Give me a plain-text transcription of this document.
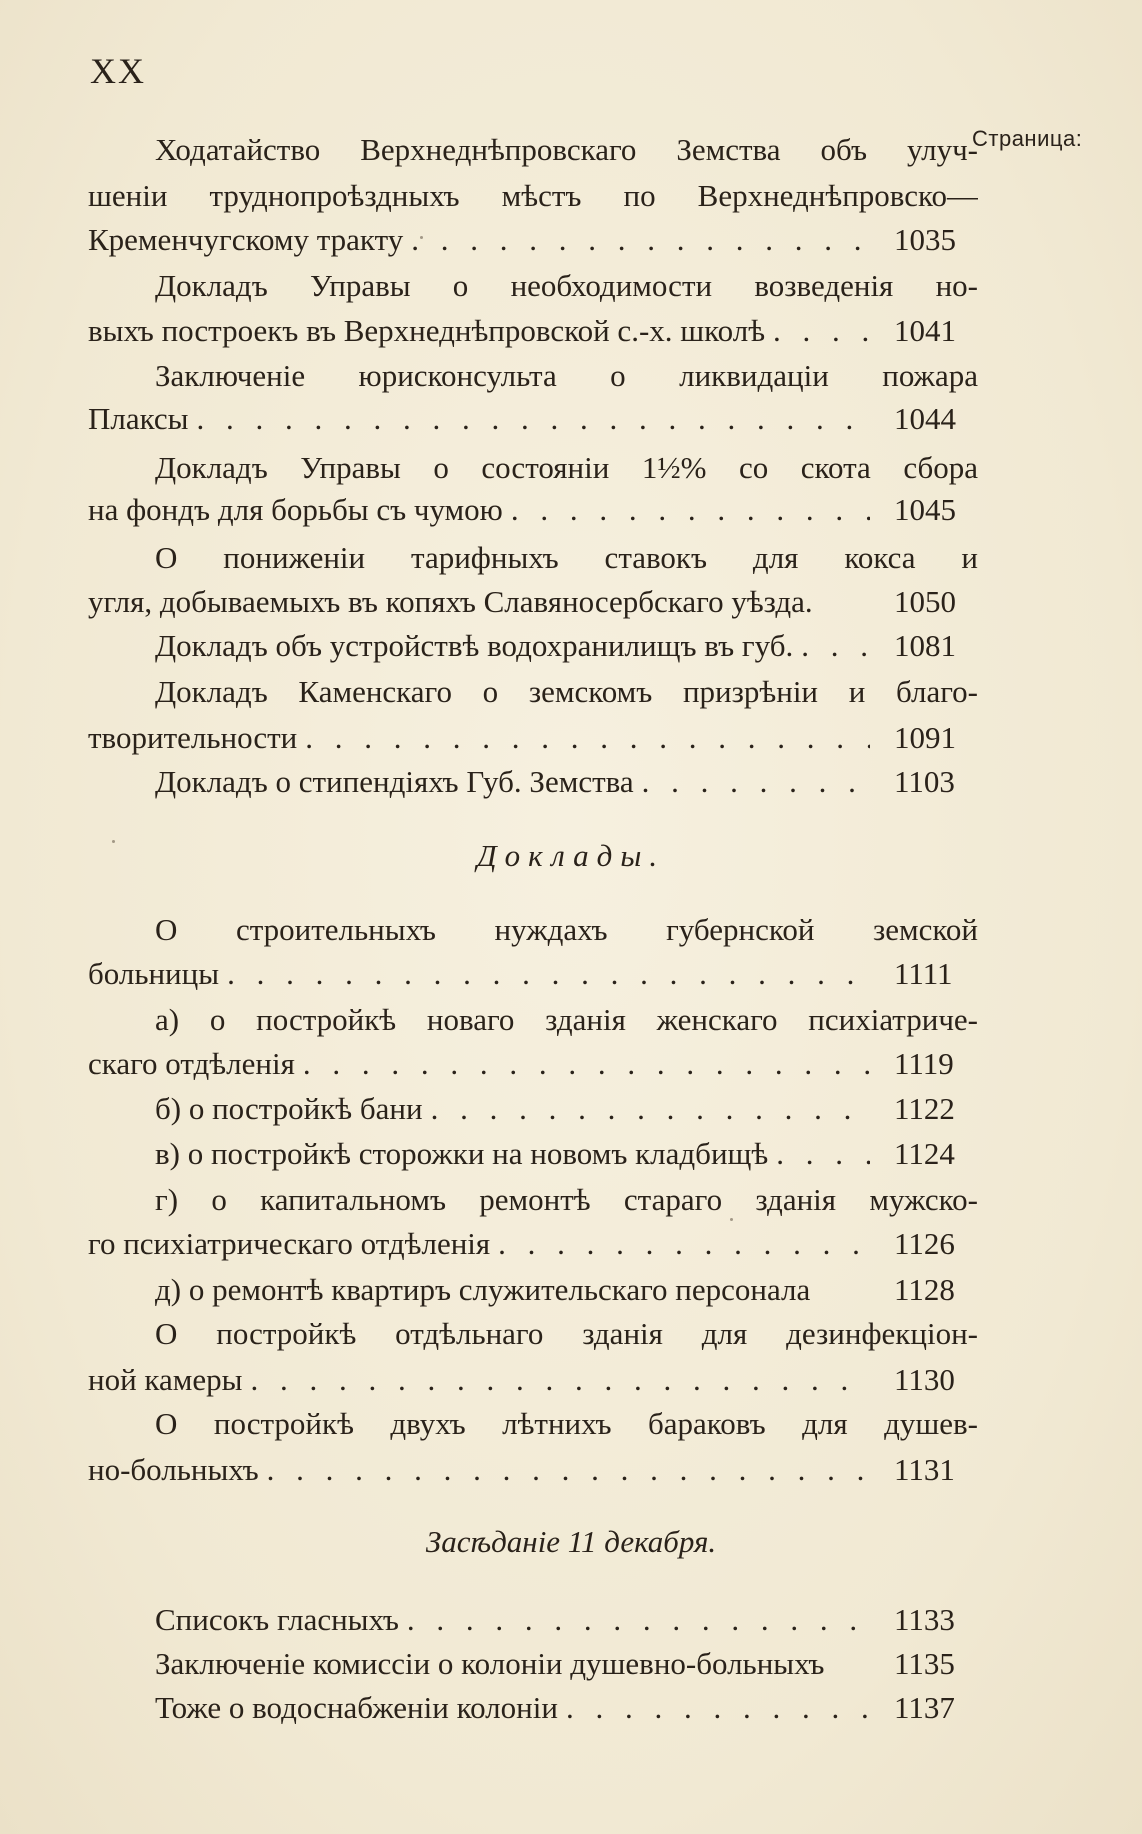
XX
Страница:
Ходатайство Верхнеднѣпровскаго Земства объ улуч-
шеніи труднопроѣздныхъ мѣстъ по Верхнеднѣпровско—
Кременчугскому тракту . . .	1035
Докладъ Управы о необходимости возведенія но-
выхъ построекъ въ Верхнеднѣпровской с.-х. школѣ . . .	1041
Заключеніе юрисконсульта о ликвидаціи пожара
Плаксы . . .	1044
Докладъ Управы о состояніи 1½% со скота сбора
на фондъ для борьбы съ чумою . . .	1045
О пониженіи тарифныхъ ставокъ для кокса и
угля, добываемыхъ въ копяхъ Славяносербскаго уѣзда.	1050
Докладъ объ устройствѣ водохранилищъ въ губ. . . .	1081
Докладъ Каменскаго о земскомъ призрѣніи и благо-
творительности . . .	1091
Докладъ о стипендіяхъ Губ. Земства . . .	1103
Доклады.
О строительныхъ нуждахъ губернской земской
больницы . . .	1111
а) о постройкѣ новаго зданія женскаго психіатриче-
скаго отдѣленія . . .	1119
б) о постройкѣ бани . . .	1122
в) о постройкѣ сторожки на новомъ кладбищѣ . . .	1124
г) о капитальномъ ремонтѣ стараго зданія мужско-
го психіатрическаго отдѣленія . . .	1126
д) о ремонтѣ квартиръ служительскаго персонала	1128
О постройкѣ отдѣльнаго зданія для дезинфекціон-
ной камеры . . .	1130
О постройкѣ двухъ лѣтнихъ бараковъ для душев-
но-больныхъ . . .	1131
Засѣданіе 11 декабря.
Списокъ гласныхъ . . .	1133
Заключеніе комиссіи о колоніи душевно-больныхъ 1135
Тоже о водоснабженіи колоніи . . .	1137
